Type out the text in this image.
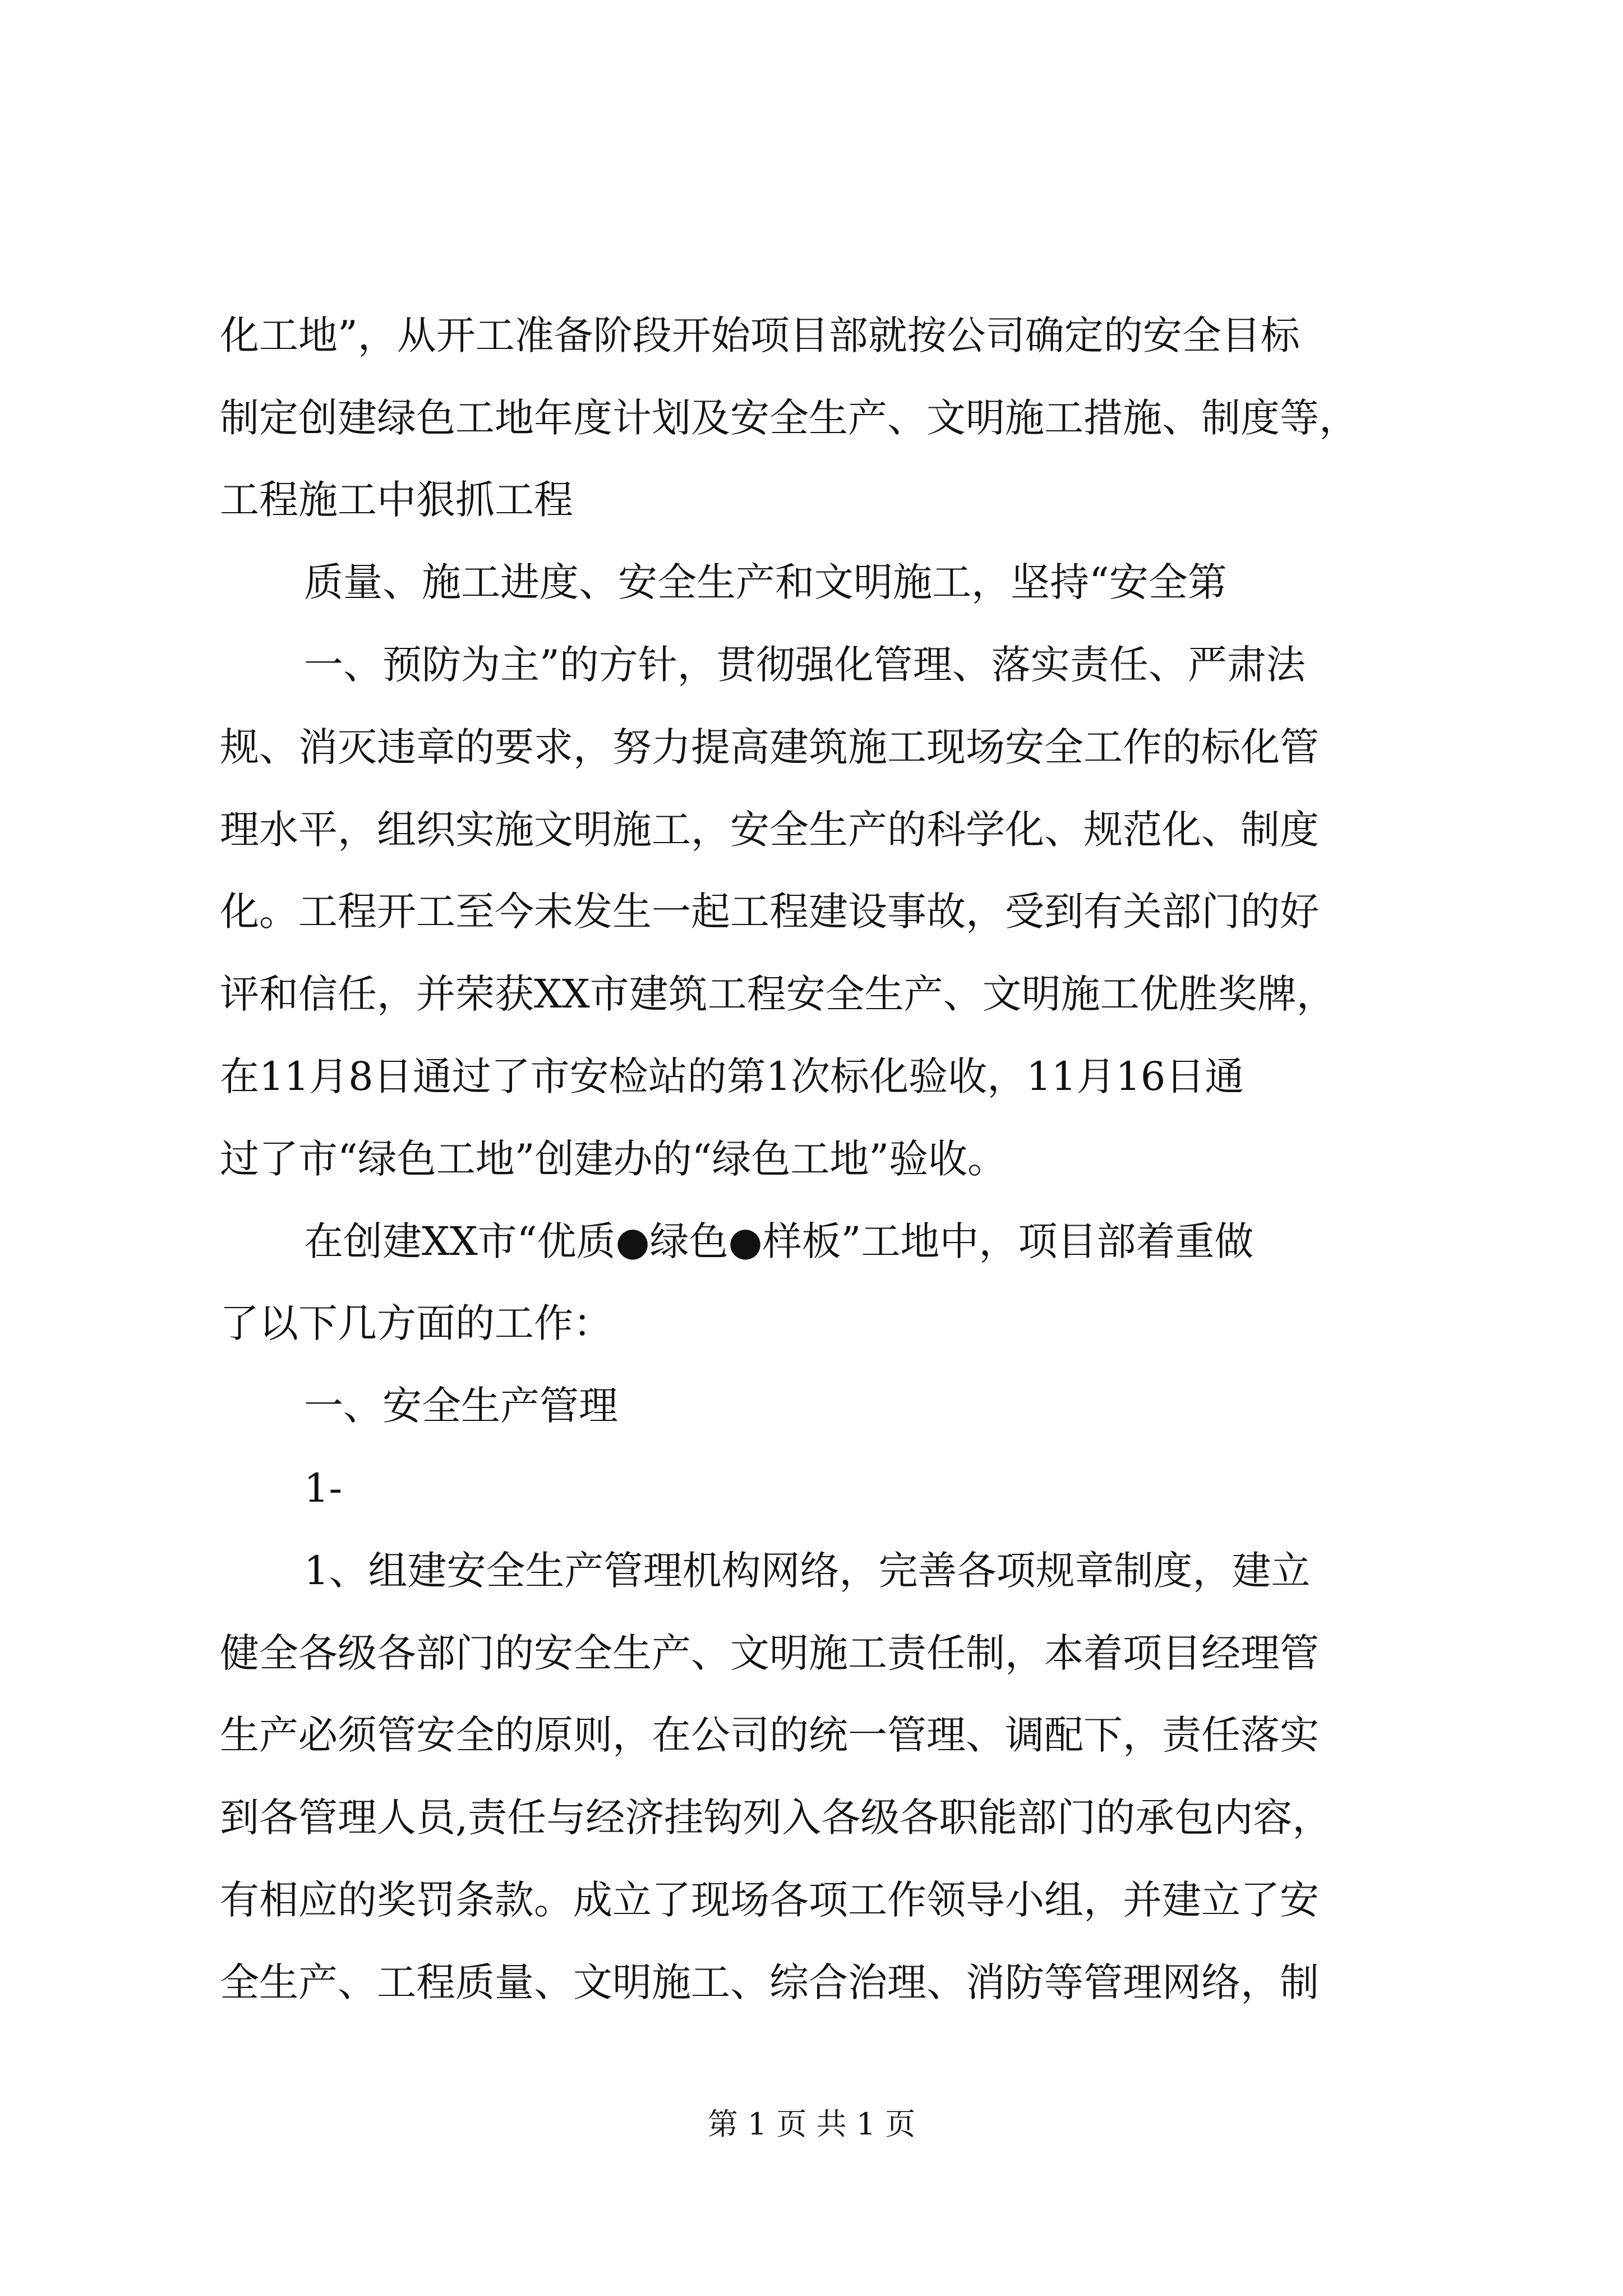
化工地”，从开工准备阶段开始项目部就按公司确定的安全目标
制定创建绿色工地年度计划及安全生产、文明施工措施、制度等，
工程施工中狠抓工程
质量、施工进度、安全生产和文明施工，坚持“安全第
一、预防为主”的方针，贯彻强化管理、落实责任、严肃法
规、消灭违章的要求，努力提高建筑施工现场安全工作的标化管
理水平，组织实施文明施工，安全生产的科学化、规范化、制度
化。工程开工至今未发生一起工程建设事故，受到有关部门的好
评和信任，并荣获XX市建筑工程安全生产、文明施工优胜奖牌，
在11月8日通过了市安检站的第1次标化验收，11月16日通
过了市“绿色工地”创建办的“绿色工地”验收。
在创建XX市“优质●绿色●样板”工地中，项目部着重做
了以下几方面的工作：
一、安全生产管理
1-
1、组建安全生产管理机构网络，完善各项规章制度，建立
健全各级各部门的安全生产、文明施工责任制，本着项目经理管
生产必须管安全的原则，在公司的统一管理、调配下，责任落实
到各管理人员,责任与经济挂钩列入各级各职能部门的承包内容，
有相应的奖罚条款。成立了现场各项工作领导小组，并建立了安
全生产、工程质量、文明施工、综合治理、消防等管理网络，制
第 1 页 共 1 页
